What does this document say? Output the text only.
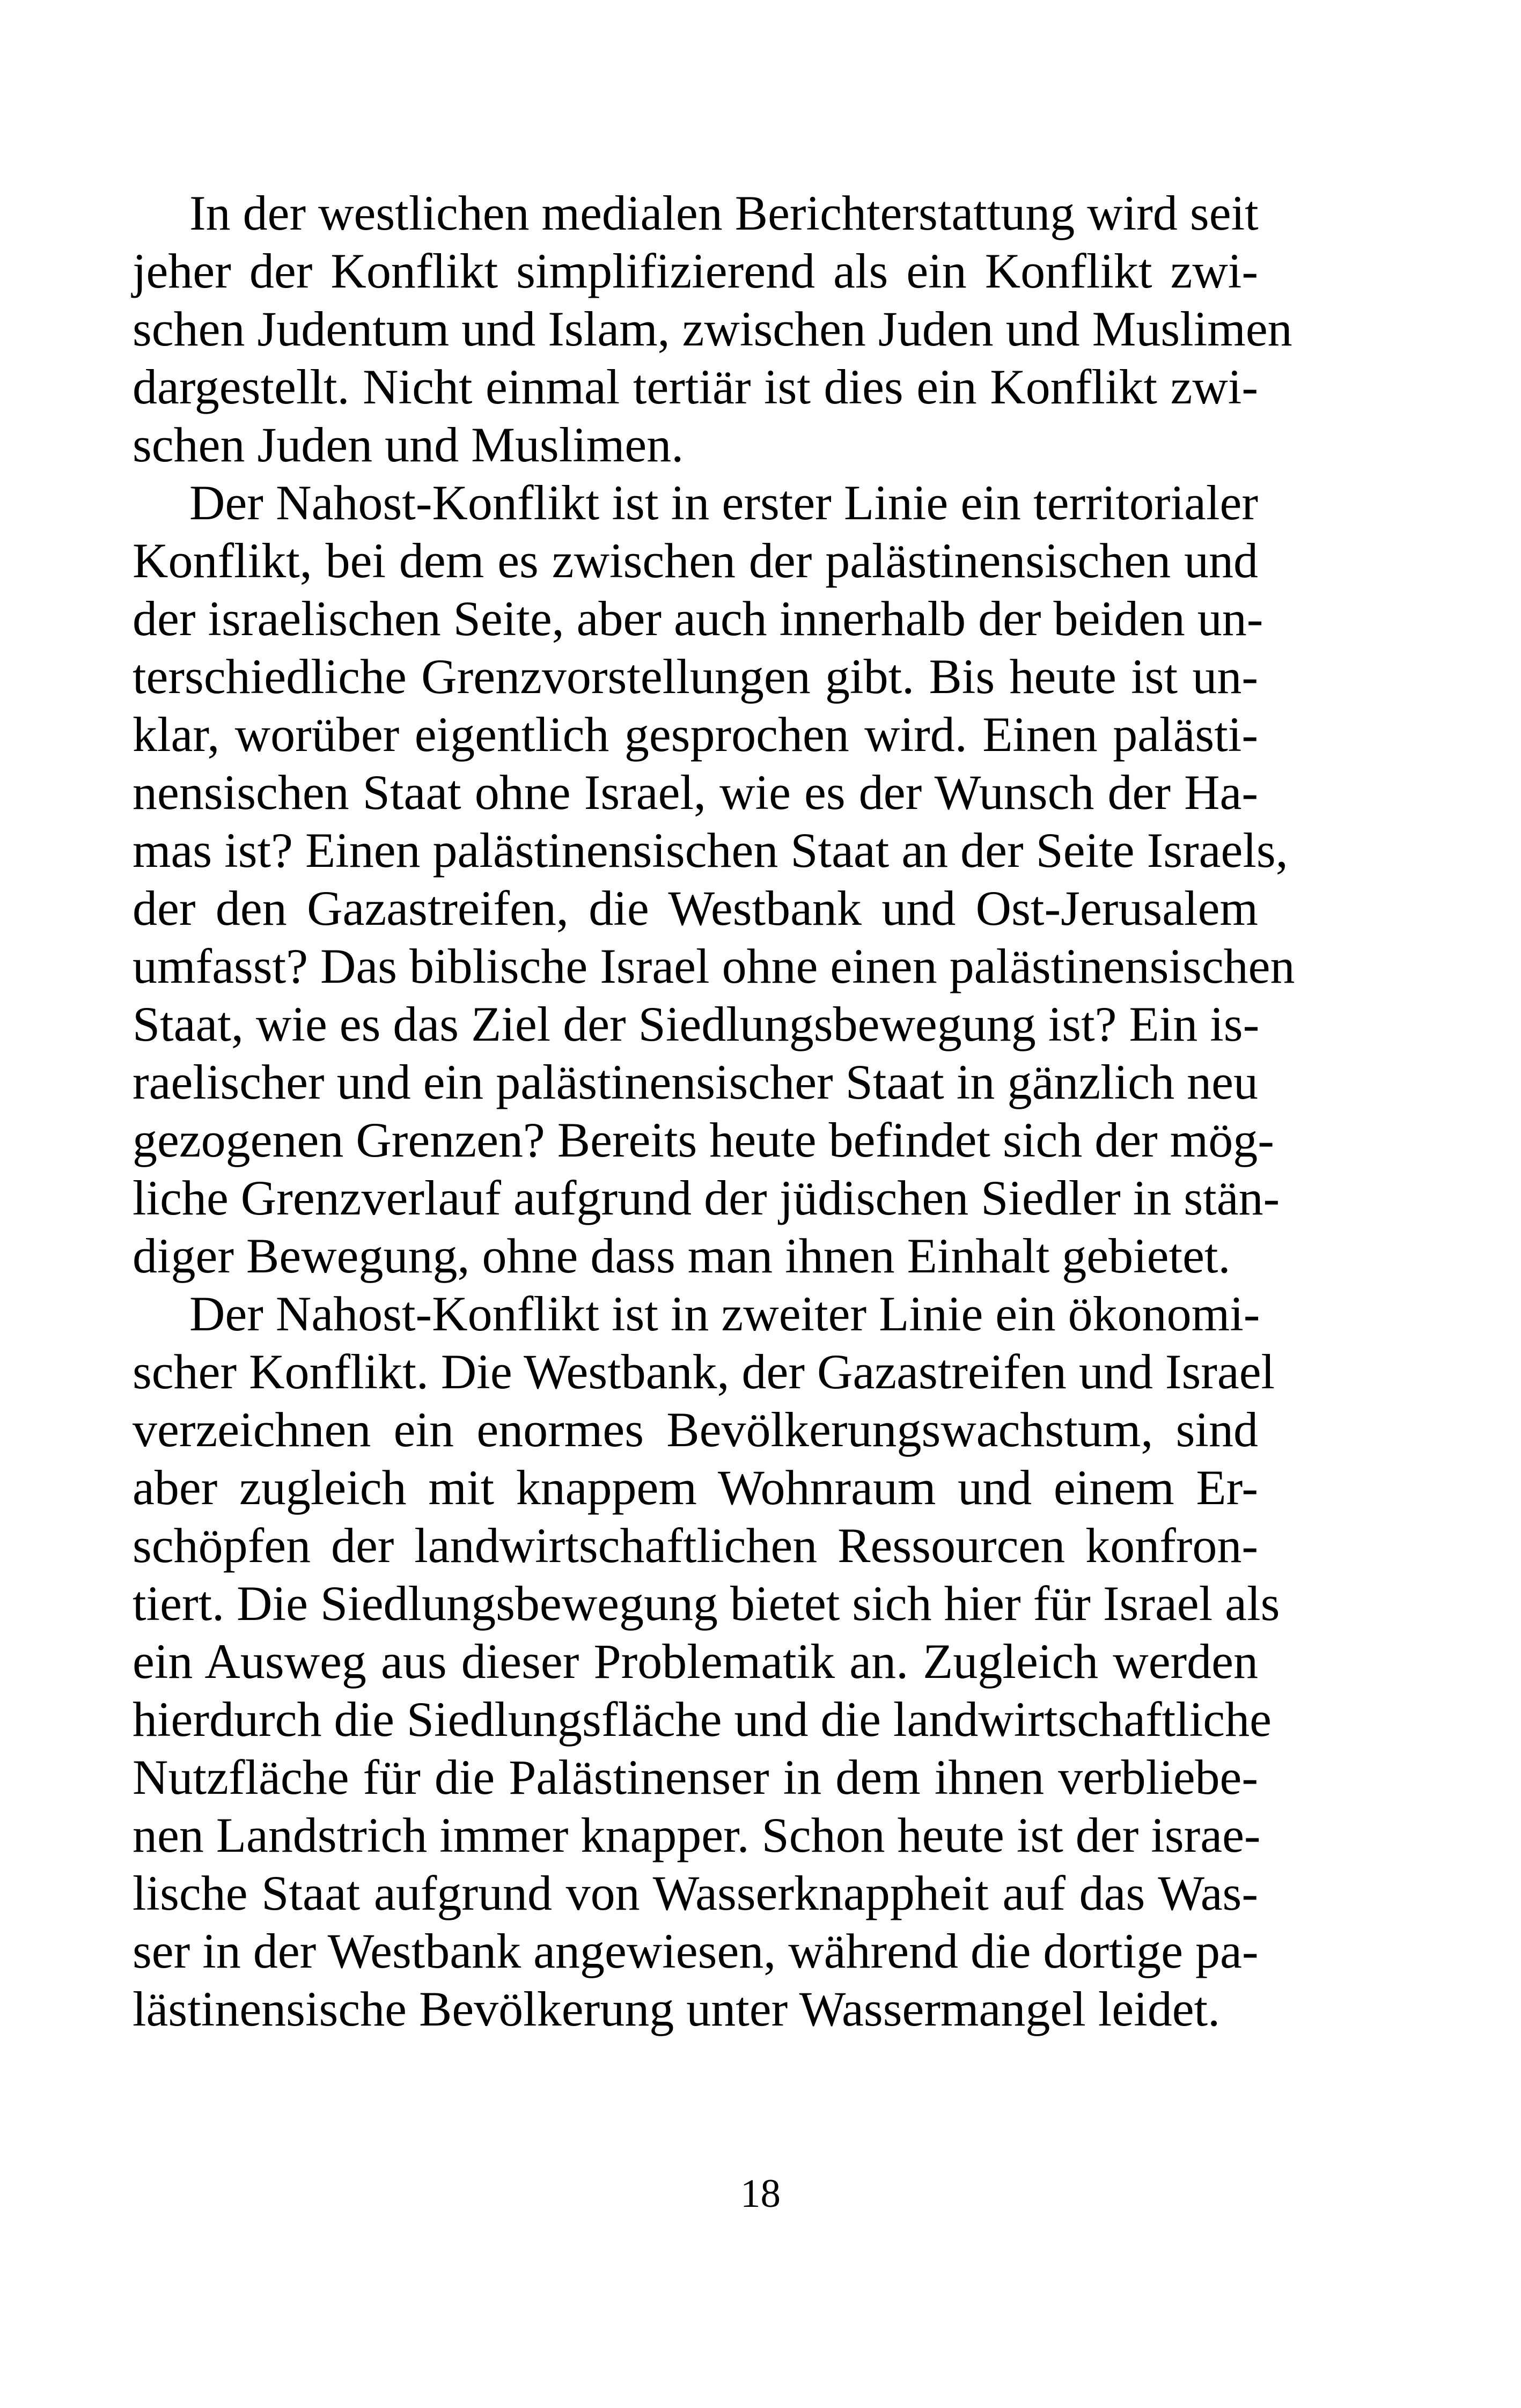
In der westlichen medialen Berichterstattung wird seit
jeher der Konflikt simplifizierend als ein Konflikt zwi-
schen Judentum und Islam, zwischen Juden und Muslimen
dargestellt. Nicht einmal tertiär ist dies ein Konflikt zwi-
schen Juden und Muslimen.
Der Nahost-Konflikt ist in erster Linie ein territorialer
Konflikt, bei dem es zwischen der palästinensischen und
der israelischen Seite, aber auch innerhalb der beiden un-
terschiedliche Grenzvorstellungen gibt. Bis heute ist un-
klar, worüber eigentlich gesprochen wird. Einen palästi-
nensischen Staat ohne Israel, wie es der Wunsch der Ha-
mas ist? Einen palästinensischen Staat an der Seite Israels,
der den Gazastreifen, die Westbank und Ost-Jerusalem
umfasst? Das biblische Israel ohne einen palästinensischen
Staat, wie es das Ziel der Siedlungsbewegung ist? Ein is-
raelischer und ein palästinensischer Staat in gänzlich neu
gezogenen Grenzen? Bereits heute befindet sich der mög-
liche Grenzverlauf aufgrund der jüdischen Siedler in stän-
diger Bewegung, ohne dass man ihnen Einhalt gebietet.
Der Nahost-Konflikt ist in zweiter Linie ein ökonomi-
scher Konflikt. Die Westbank, der Gazastreifen und Israel
verzeichnen ein enormes Bevölkerungswachstum, sind
aber zugleich mit knappem Wohnraum und einem Er-
schöpfen der landwirtschaftlichen Ressourcen konfron-
tiert. Die Siedlungsbewegung bietet sich hier für Israel als
ein Ausweg aus dieser Problematik an. Zugleich werden
hierdurch die Siedlungsfläche und die landwirtschaftliche
Nutzfläche für die Palästinenser in dem ihnen verbliebe-
nen Landstrich immer knapper. Schon heute ist der israe-
lische Staat aufgrund von Wasserknappheit auf das Was-
ser in der Westbank angewiesen, während die dortige pa-
lästinensische Bevölkerung unter Wassermangel leidet.
18
